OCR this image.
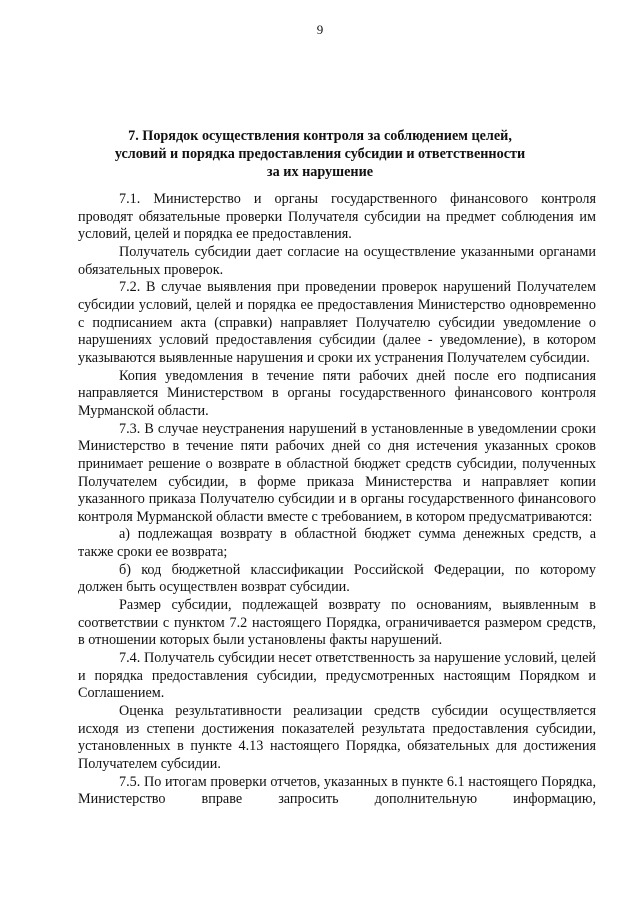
9
7. Порядок осуществления контроля за соблюдением целей,
условий и порядка предоставления субсидии и ответственности
за их нарушение

7.1. Министерство и органы государственного финансового контроля проводят обязательные проверки Получателя субсидии на предмет соблюдения им условий, целей и порядка ее предоставления.

Получатель субсидии дает согласие на осуществление указанными органами обязательных проверок.

7.2. В случае выявления при проведении проверок нарушений Получателем субсидии условий, целей и порядка ее предоставления Министерство одновременно с подписанием акта (справки) направляет Получателю субсидии уведомление о нарушениях условий предоставления субсидии (далее - уведомление), в котором указываются выявленные нарушения и сроки их устранения Получателем субсидии.

Копия уведомления в течение пяти рабочих дней после его подписания направляется Министерством в органы государственного финансового контроля Мурманской области.

7.3. В случае неустранения нарушений в установленные в уведомлении сроки Министерство в течение пяти рабочих дней со дня истечения указанных сроков принимает решение о возврате в областной бюджет средств субсидии, полученных Получателем субсидии, в форме приказа Министерства и направляет копии указанного приказа Получателю субсидии и в органы государственного финансового контроля Мурманской области вместе с требованием, в котором предусматриваются:

а) подлежащая возврату в областной бюджет сумма денежных средств, а также сроки ее возврата;

б) код бюджетной классификации Российской Федерации, по которому должен быть осуществлен возврат субсидии.

Размер субсидии, подлежащей возврату по основаниям, выявленным в соответствии с пунктом 7.2 настоящего Порядка, ограничивается размером средств, в отношении которых были установлены факты нарушений.

7.4. Получатель субсидии несет ответственность за нарушение условий, целей и порядка предоставления субсидии, предусмотренных настоящим Порядком и Соглашением.

Оценка результативности реализации средств субсидии осуществляется исходя из степени достижения показателей результата предоставления субсидии, установленных в пункте 4.13 настоящего Порядка, обязательных для достижения Получателем субсидии.

7.5. По итогам проверки отчетов, указанных в пункте 6.1 настоящего Порядка, Министерство вправе запросить дополнительную информацию,
